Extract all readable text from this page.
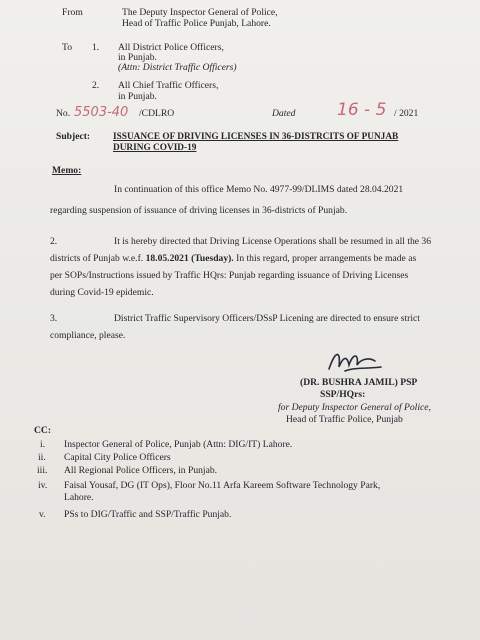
From	The Deputy Inspector General of Police,
Head of Traffic Police Punjab, Lahore.
To 1. All District Police Officers,
in Punjab.
(Attn: District Traffic Officers)
2. All Chief Traffic Officers,
in Punjab.
No. 5503-40 /CDLRO	Dated 16 - 5 / 2021
Subject: ISSUANCE OF DRIVING LICENSES IN 36-DISTRCITS OF PUNJAB
DURING COVID-19
Memo:
In continuation of this office Memo No. 4977-99/DLIMS dated 28.04.2021
regarding suspension of issuance of driving licenses in 36-districts of Punjab.
2.	It is hereby directed that Driving License Operations shall be resumed in all the 36
districts of Punjab w.e.f. 18.05.2021 (Tuesday). In this regard, proper arrangements be made as
per SOPs/Instructions issued by Traffic HQrs: Punjab regarding issuance of Driving Licenses
during Covid-19 epidemic.
3.	District Traffic Supervisory Officers/DSsP Licening are directed to ensure strict
compliance, please.
(DR. BUSHRA JAMIL) PSP
SSP/HQrs:
for Deputy Inspector General of Police,
Head of Traffic Police, Punjab
CC:
i. Inspector General of Police, Punjab (Attn: DIG/IT) Lahore.
ii. Capital City Police Officers
iii. All Regional Police Officers, in Punjab.
iv. Faisal Yousaf, DG (IT Ops), Floor No.11 Arfa Kareem Software Technology Park,
Lahore.
v. PSs to DIG/Traffic and SSP/Traffic Punjab.
